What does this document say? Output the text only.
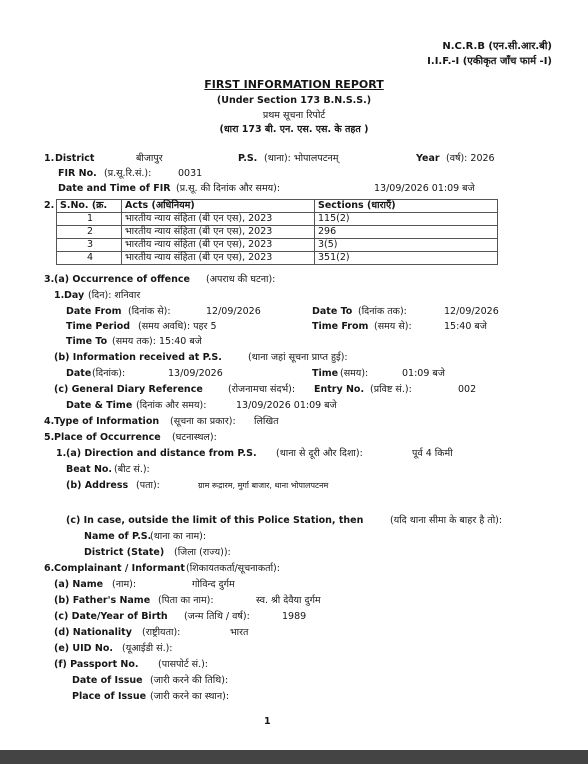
N.C.R.B (एन.सी.आर.बी)
I.I.F.-I (एकीकृत जाँच फार्म -I)
FIRST INFORMATION REPORT
(Under Section 173 B.N.S.S.)
प्रथम सूचना रिपोर्ट
(धारा 173 बी. एन. एस. एस. के तहत )
1. District	बीजापुर	P.S. (थाना): भोपालपटनम्	Year (वर्ष): 2026
FIR No. (प्र.सू.रि.सं.):	0031
Date and Time of FIR (प्र.सू. की दिनांक और समय):	13/09/2026 01:09 बजे
2. S.No. (क्र.	Acts (अधिनियम)	Sections (धाराएँ)
1	भारतीय न्याय संहिता (बी एन एस), 2023	115(2)
2	भारतीय न्याय संहिता (बी एन एस), 2023	296
3	भारतीय न्याय संहिता (बी एन एस), 2023	3(5)
4	भारतीय न्याय संहिता (बी एन एस), 2023	351(2)
3. (a) Occurrence of offence (अपराध की घटना):
1. Day (दिन): शनिवार
Date From (दिनांक से):	12/09/2026	Date To (दिनांक तक):	12/09/2026
Time Period (समय अवधि): पहर 5	Time From (समय से):	15:40 बजे
Time To (समय तक): 15:40 बजे
(b) Information received at P.S.	(थाना जहां सूचना प्राप्त हुई):
Date (दिनांक):	13/09/2026	Time (समय):	01:09 बजे
(c) General Diary Reference	(रोजनामचा संदर्भ): Entry No. (प्रविष्ट सं.):	002
Date & Time (दिनांक और समय):	13/09/2026 01:09 बजे
4. Type of Information (सूचना का प्रकार): लिखित
5. Place of Occurrence (घटनास्थल):
1. (a) Direction and distance from P.S. (थाना से दूरी और दिशा):	पूर्व 4 किमी
Beat No. (बीट सं.):
(b) Address (पता):	ग्राम रूद्रारम, मुर्गा बाजार, थाना भोपालपटनम
(c) In case, outside the limit of this Police Station, then	(यदि थाना सीमा के बाहर है तो):
Name of P.S.
(थाना का नाम):
District (State) (जिला (राज्य)):
6. Complainant / Informant (शिकायतकर्ता/सूचनाकर्ता):
(a) Name (नाम):	गोविन्द दुर्गम
(b) Father's Name (पिता का नाम):	स्व. श्री देवैया दुर्गम
(c) Date/Year of Birth (जन्म तिथि / वर्ष):	1989
(d) Nationality (राष्ट्रीयता):	भारत
(e) UID No. (यूआईडी सं.):
(f) Passport No. (पासपोर्ट सं.):
Date of Issue (जारी करने की तिथि):
Place of Issue (जारी करने का स्थान):
1
